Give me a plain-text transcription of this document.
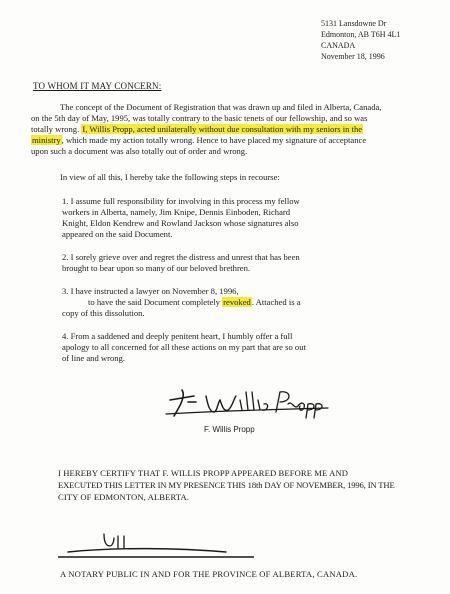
5131 Lansdowne Dr
Edmonton, AB T6H 4L1
CANADA
November 18, 1996
TO WHOM IT MAY CONCERN:
The concept of the Document of Registration that was drawn up and filed in Alberta, Canada,
on the 5th day of May, 1995, was totally contrary to the basic tenets of our fellowship, and so was
totally wrong. I, Willis Propp, acted unilaterally without due consultation with my seniors in the
ministry, which made my action totally wrong. Hence to have placed my signature of acceptance
upon such a document was also totally out of order and wrong.
In view of all this, I hereby take the following steps in recourse:
1. I assume full responsibility for involving in this process my fellow
workers in Alberta, namely, Jim Knipe, Dennis Einboden, Richard
Knight, Eldon Kendrew and Rowland Jackson whose signatures also
appeared on the said Document.
2. I sorely grieve over and regret the distress and unrest that has been
brought to bear upon so many of our beloved brethren.
3. I have instructed a lawyer on November 8, 1996,
to have the said Document completely revoked. Attached is a
copy of this dissolution.
4. From a saddened and deeply penitent heart, I humbly offer a full
apology to all concerned for all these actions on my part that are so out
of line and wrong.
F. Willis Propp
I HEREBY CERTIFY THAT F. WILLIS PROPP APPEARED BEFORE ME AND
EXECUTED THIS LETTER IN MY PRESENCE THIS 18th DAY OF NOVEMBER, 1996, IN THE
CITY OF EDMONTON, ALBERTA.
A NOTARY PUBLIC IN AND FOR THE PROVINCE OF ALBERTA, CANADA.
